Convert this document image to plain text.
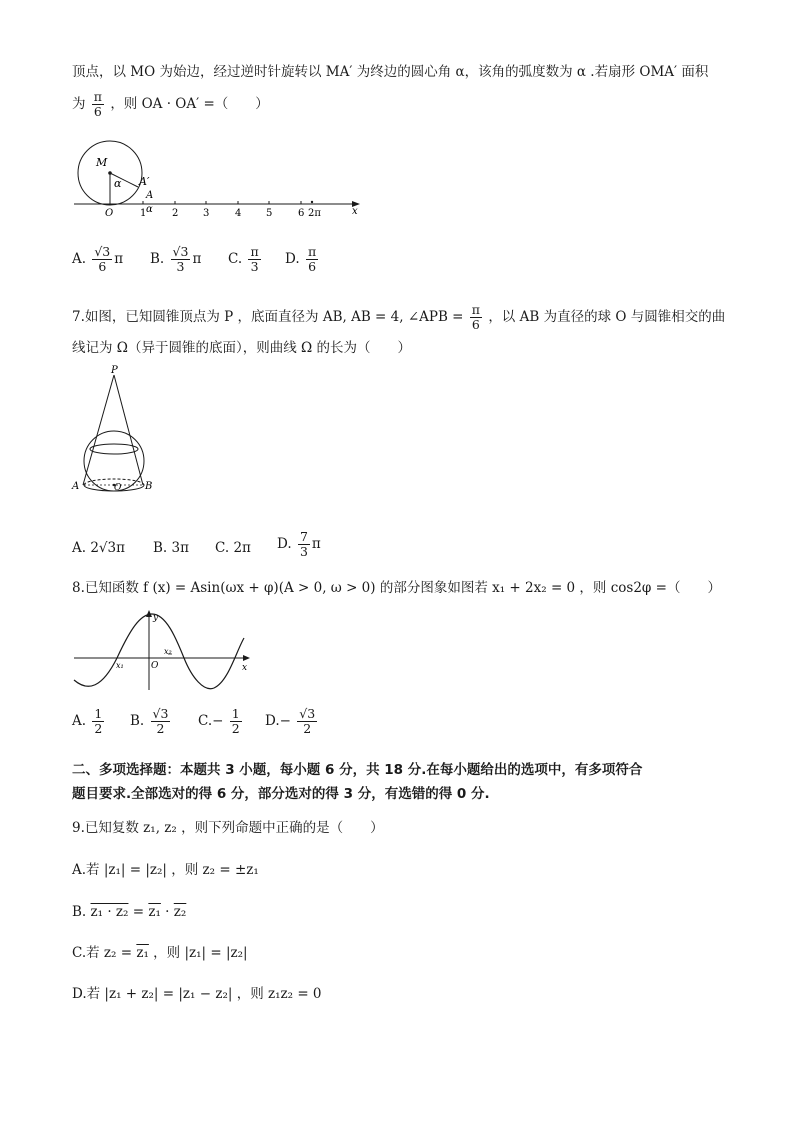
顶点，以 MO 为始边，经过逆时针旋转以 MA′ 为终边的圆心角 α，该角的弧度数为 α .若扇形 OMA′ 面积
为 $\frac{\pi}{6}$ ，则 OA · OA′ =（　　）
M
α A′
A
O	α
1	2 3	4 5	6 2π	x
A. $\frac{√3}{6}$ π B. $\frac{√3}{3}$ π C. $\frac{\pi}{3} D$. $\frac{\pi}{6}$
7.如图，已知圆锥顶点为 P ，底面直径为 AB, AB = 4, ∠APB = $\frac{\pi}{6}$ ，以 AB 为直径的球 O 与圆锥相交的曲
线记为 Ω（异于圆锥的底面），则曲线 Ω 的长为（　　）
P
A	O B
A. 2√3π B. 3π C. 2π D. $\frac{7}{3}$ π
8.已知函数 f (x) = Asin(ωx + φ)(A > 0, ω > 0) 的部分图象如图若 x₁ + 2x₂ = 0 ，则 cos2φ =（　　）
y
x
O
x₁
x₂
A. $\frac{1}{2} B$. $\frac{√3}{2} C.- \frac{1}{2} D.- \frac{√3}{2}$
二、多项选择题：本题共 3 小题，每小题 6 分，共 18 分.在每小题给出的选项中，有多项符合
题目要求.全部选对的得 6 分，部分选对的得 3 分，有选错的得 0 分.
9.已知复数 z₁, z₂ ，则下列命题中正确的是（　　）
A.若 |z₁| = |z₂| ，则 z₂ = ±z₁
B. z₁ · z₂ = z₁ · z₂
C.若 z₂ = z₁ ，则 |z₁| = |z₂|
D.若 |z₁ + z₂| = |z₁ − z₂| ，则 z₁z₂ = 0
